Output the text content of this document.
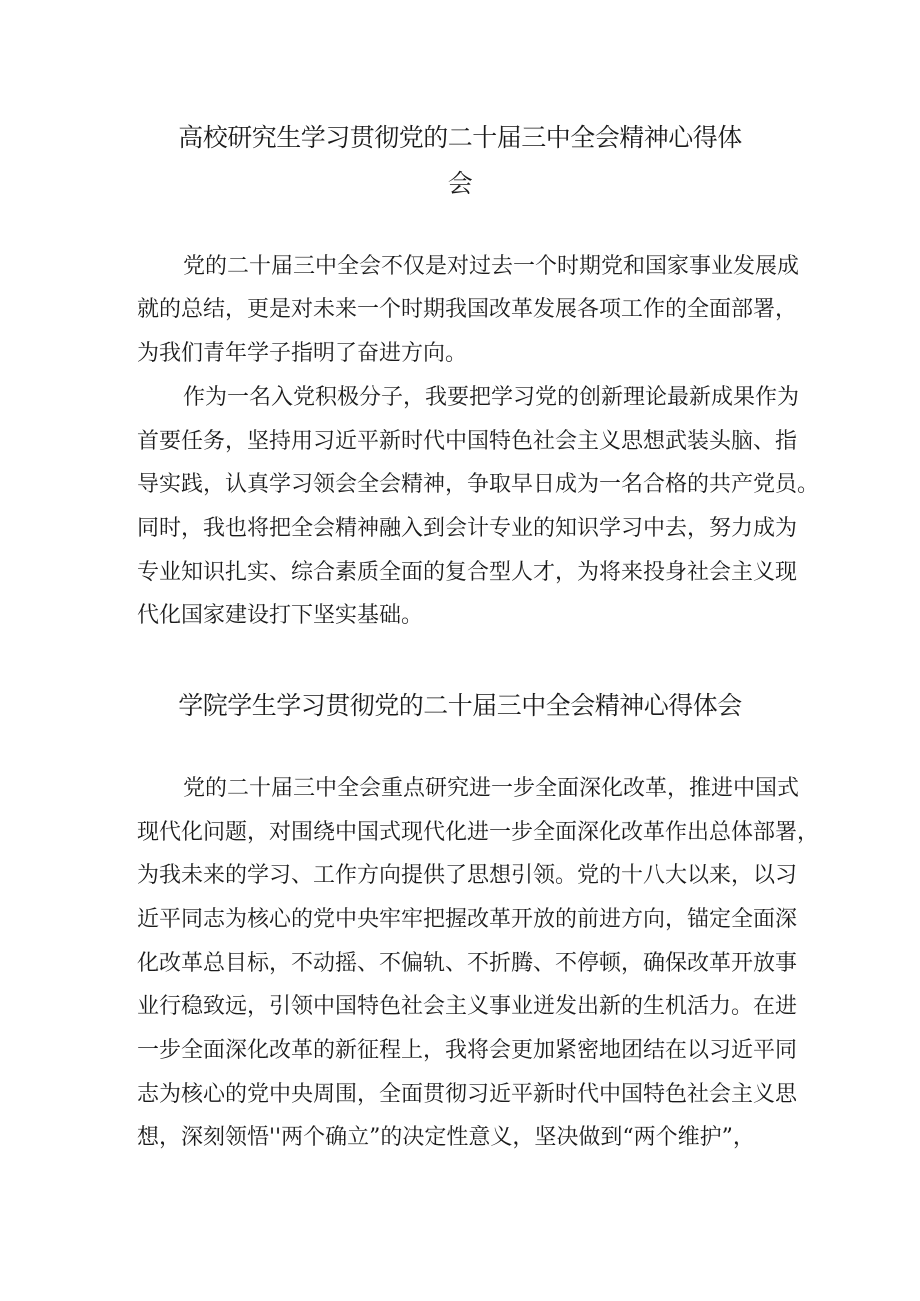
高校研究生学习贯彻党的二十届三中全会精神心得体
会

党的二十届三中全会不仅是对过去一个时期党和国家事业发展成

就的总结，更是对未来一个时期我国改革发展各项工作的全面部署，

为我们青年学子指明了奋进方向。

作为一名入党积极分子，我要把学习党的创新理论最新成果作为

首要任务，坚持用习近平新时代中国特色社会主义思想武装头脑、指

导实践，认真学习领会全会精神，争取早日成为一名合格的共产党员。

同时，我也将把全会精神融入到会计专业的知识学习中去，努力成为

专业知识扎实、综合素质全面的复合型人才，为将来投身社会主义现

代化国家建设打下坚实基础。

学院学生学习贯彻党的二十届三中全会精神心得体会

党的二十届三中全会重点研究进一步全面深化改革，推进中国式

现代化问题，对围绕中国式现代化进一步全面深化改革作出总体部署，

为我未来的学习、工作方向提供了思想引领。党的十八大以来，以习

近平同志为核心的党中央牢牢把握改革开放的前进方向，锚定全面深

化改革总目标，不动摇、不偏轨、不折腾、不停顿，确保改革开放事

业行稳致远，引领中国特色社会主义事业迸发出新的生机活力。在进

一步全面深化改革的新征程上，我将会更加紧密地团结在以习近平同

志为核心的党中央周围，全面贯彻习近平新时代中国特色社会主义思

想，深刻领悟''两个确立”的决定性意义，坚决做到“两个维护”，
